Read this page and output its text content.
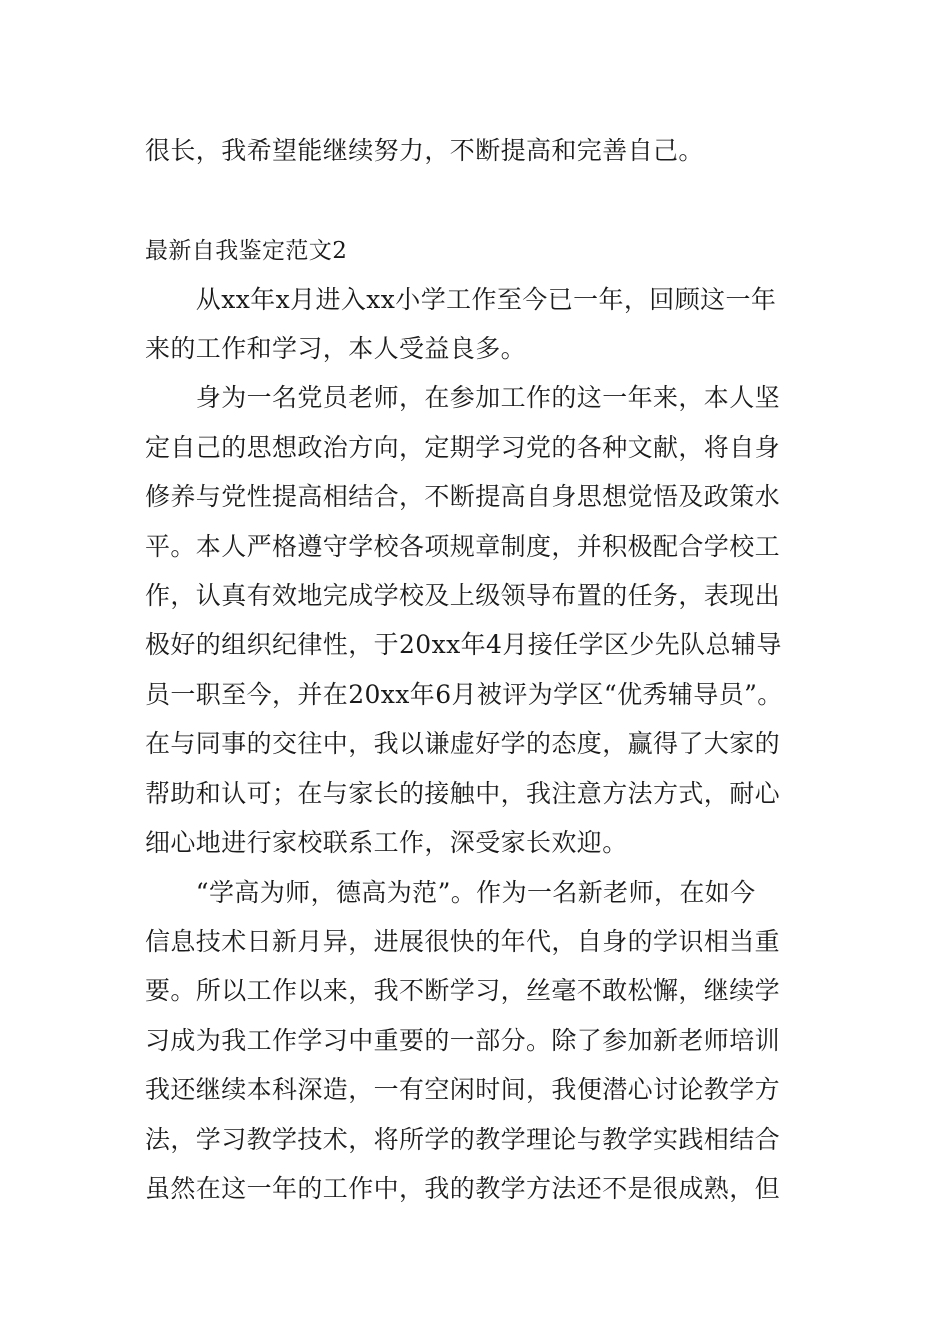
很长，我希望能继续努力，不断提高和完善自己。
最新自我鉴定范文2
　　从xx年x月进入xx小学工作至今已一年，回顾这一年
来的工作和学习，本人受益良多。
　　身为一名党员老师，在参加工作的这一年来，本人坚
定自己的思想政治方向，定期学习党的各种文献，将自身
修养与党性提高相结合，不断提高自身思想觉悟及政策水
平。本人严格遵守学校各项规章制度，并积极配合学校工
作，认真有效地完成学校及上级领导布置的任务，表现出
极好的组织纪律性，于20xx年4月接任学区少先队总辅导
员一职至今，并在20xx年6月被评为学区“优秀辅导员”。
在与同事的交往中，我以谦虚好学的态度，赢得了大家的
帮助和认可；在与家长的接触中，我注意方法方式，耐心
细心地进行家校联系工作，深受家长欢迎。
　　“学高为师，德高为范”。作为一名新老师，在如今
信息技术日新月异，进展很快的年代，自身的学识相当重
要。所以工作以来，我不断学习，丝毫不敢松懈，继续学
习成为我工作学习中重要的一部分。除了参加新老师培训
我还继续本科深造，一有空闲时间，我便潜心讨论教学方
法，学习教学技术，将所学的教学理论与教学实践相结合
虽然在这一年的工作中，我的教学方法还不是很成熟，但
